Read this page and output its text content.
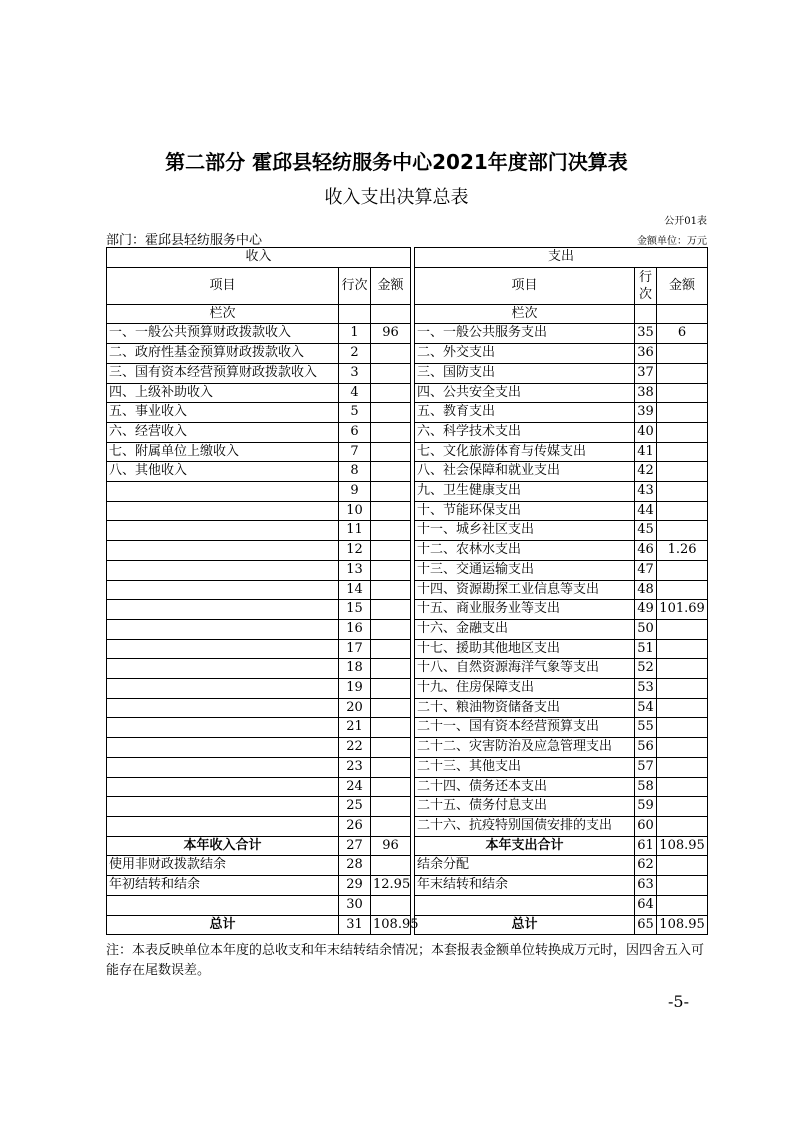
第二部分 霍邱县轻纺服务中心2021年度部门决算表
收入支出决算总表
公开01表
部门：霍邱县轻纺服务中心	金额单位：万元
收入				支出		
项目	行次	金额		项目	行次	金额
栏次				栏次		
一、一般公共预算财政拨款收入	1	96		一、一般公共服务支出	35	6
二、政府性基金预算财政拨款收入	2			二、外交支出	36	
三、国有资本经营预算财政拨款收入	3			三、国防支出	37	
四、上级补助收入	4			四、公共安全支出	38	
五、事业收入	5			五、教育支出	39	
六、经营收入	6			六、科学技术支出	40	
七、附属单位上缴收入	7			七、文化旅游体育与传媒支出	41	
八、其他收入	8			八、社会保障和就业支出	42	
	9			九、卫生健康支出	43	
	10			十、节能环保支出	44	
	11			十一、城乡社区支出	45	
	12			十二、农林水支出	46	1.26
	13			十三、交通运输支出	47	
	14			十四、资源勘探工业信息等支出	48	
	15			十五、商业服务业等支出	49	101.69
	16			十六、金融支出	50	
	17			十七、援助其他地区支出	51	
	18			十八、自然资源海洋气象等支出	52	
	19			十九、住房保障支出	53	
	20			二十、粮油物资储备支出	54	
	21			二十一、国有资本经营预算支出	55	
	22			二十二、灾害防治及应急管理支出	56	
	23			二十三、其他支出	57	
	24			二十四、债务还本支出	58	
	25			二十五、债务付息支出	59	
	26			二十六、抗疫特别国债安排的支出	60	
本年收入合计	27	96		本年支出合计	61	108.95
使用非财政拨款结余	28			结余分配	62	
年初结转和结余	29	12.95		年末结转和结余	63	
	30				64	
总计	31	108.95		总计	65	108.95
注：本表反映单位本年度的总收支和年末结转结余情况；本套报表金额单位转换成万元时，因四舍五入可能存在尾数误差。
-5-
